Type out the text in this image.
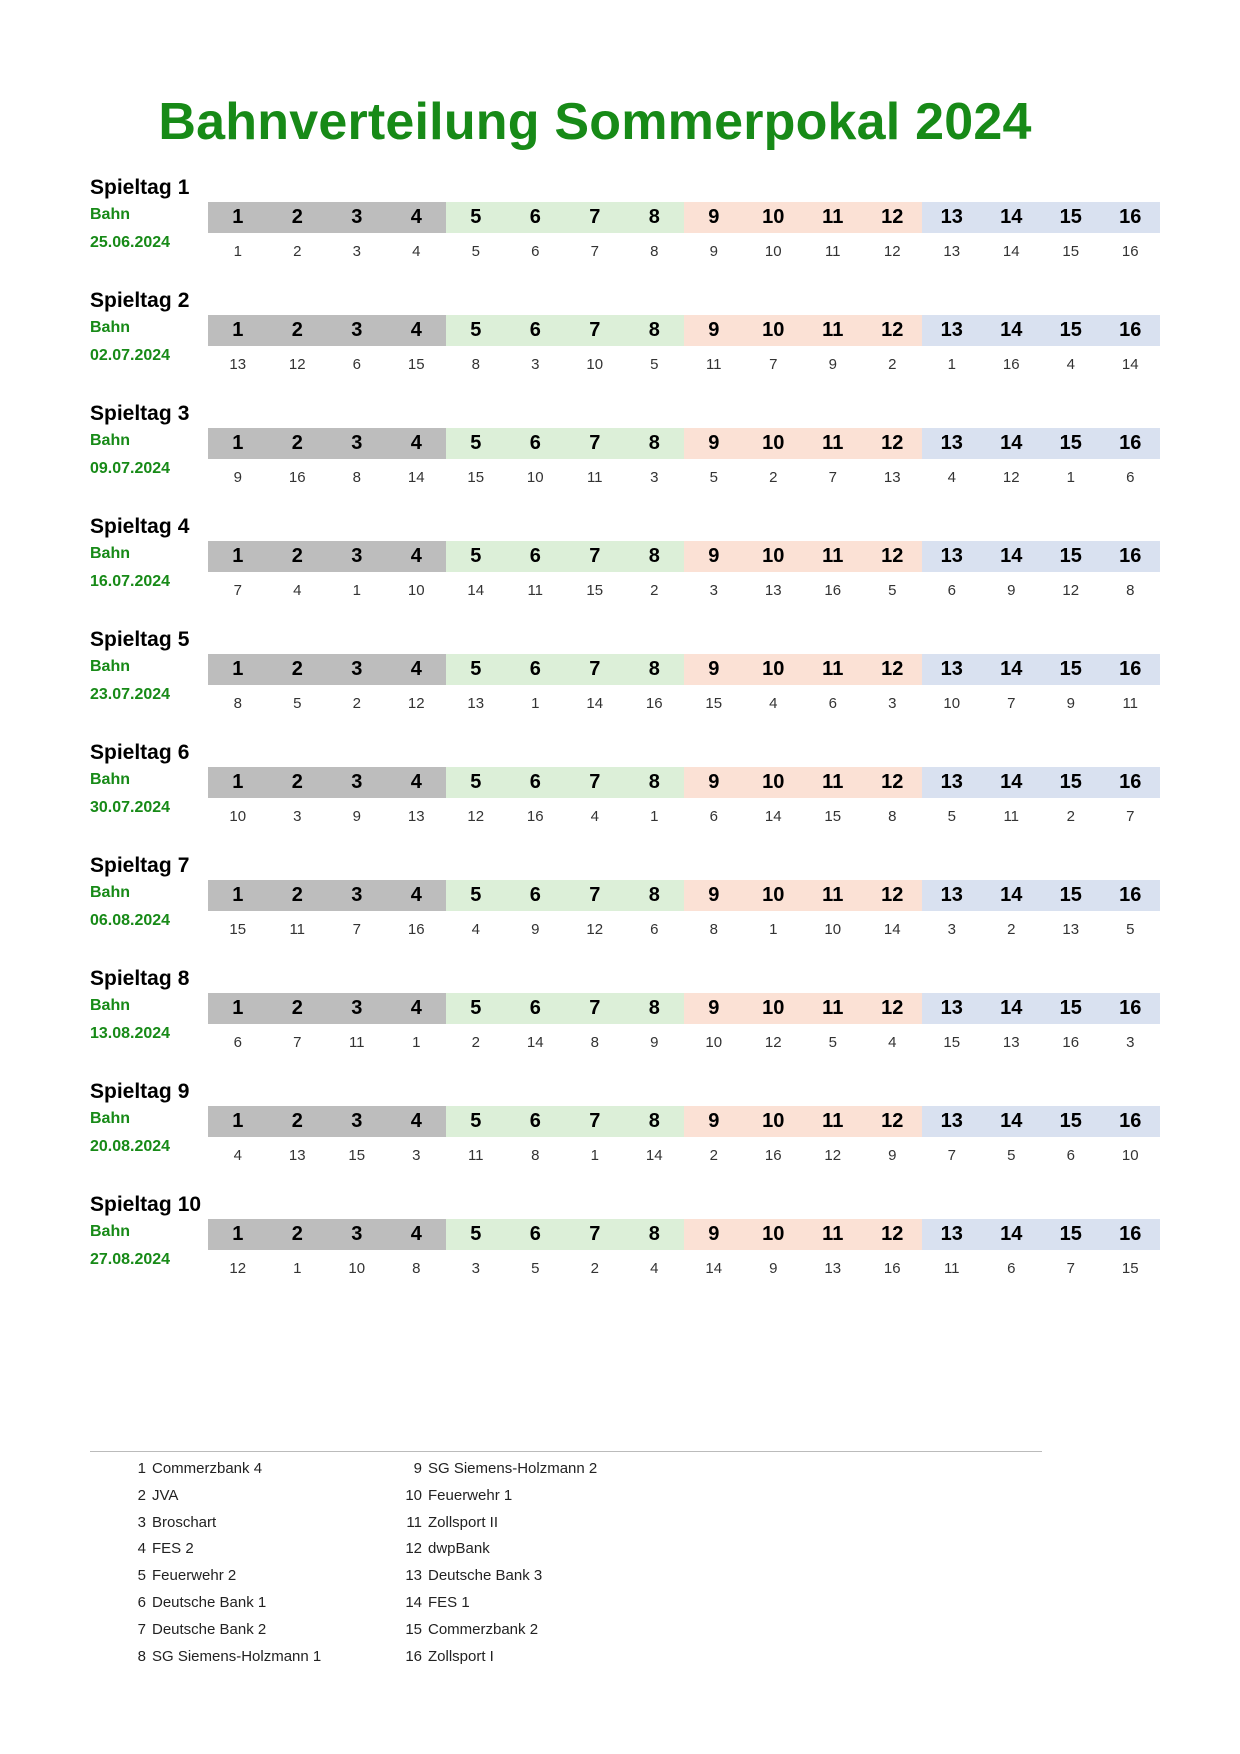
Bahnverteilung Sommerpokal 2024
Spieltag 1
Bahn
25.06.2024
1	2	3	4	5	6	7	8	9	10	11	12	13	14	15	16
1	2	3	4	5	6	7	8	9	10	11	12	13	14	15	16
Spieltag 2
Bahn
02.07.2024
1	2	3	4	5	6	7	8	9	10	11	12	13	14	15	16
13	12	6	15	8	3	10	5	11	7	9	2	1	16	4	14
Spieltag 3
Bahn
09.07.2024
1	2	3	4	5	6	7	8	9	10	11	12	13	14	15	16
9	16	8	14	15	10	11	3	5	2	7	13	4	12	1	6
Spieltag 4
Bahn
16.07.2024
1	2	3	4	5	6	7	8	9	10	11	12	13	14	15	16
7	4	1	10	14	11	15	2	3	13	16	5	6	9	12	8
Spieltag 5
Bahn
23.07.2024
1	2	3	4	5	6	7	8	9	10	11	12	13	14	15	16
8	5	2	12	13	1	14	16	15	4	6	3	10	7	9	11
Spieltag 6
Bahn
30.07.2024
1	2	3	4	5	6	7	8	9	10	11	12	13	14	15	16
10	3	9	13	12	16	4	1	6	14	15	8	5	11	2	7
Spieltag 7
Bahn
06.08.2024
1	2	3	4	5	6	7	8	9	10	11	12	13	14	15	16
15	11	7	16	4	9	12	6	8	1	10	14	3	2	13	5
Spieltag 8
Bahn
13.08.2024
1	2	3	4	5	6	7	8	9	10	11	12	13	14	15	16
6	7	11	1	2	14	8	9	10	12	5	4	15	13	16	3
Spieltag 9
Bahn
20.08.2024
1	2	3	4	5	6	7	8	9	10	11	12	13	14	15	16
4	13	15	3	11	8	1	14	2	16	12	9	7	5	6	10
Spieltag 10
Bahn
27.08.2024
1	2	3	4	5	6	7	8	9	10	11	12	13	14	15	16
12	1	10	8	3	5	2	4	14	9	13	16	11	6	7	15
1 Commerzbank 4
2 JVA
3 Broschart
4 FES 2
5 Feuerwehr 2
6 Deutsche Bank 1
7 Deutsche Bank 2
8 SG Siemens-Holzmann 1
9 SG Siemens-Holzmann 2
10 Feuerwehr 1
11 Zollsport II
12 dwpBank
13 Deutsche Bank 3
14 FES 1
15 Commerzbank 2
16 Zollsport I
